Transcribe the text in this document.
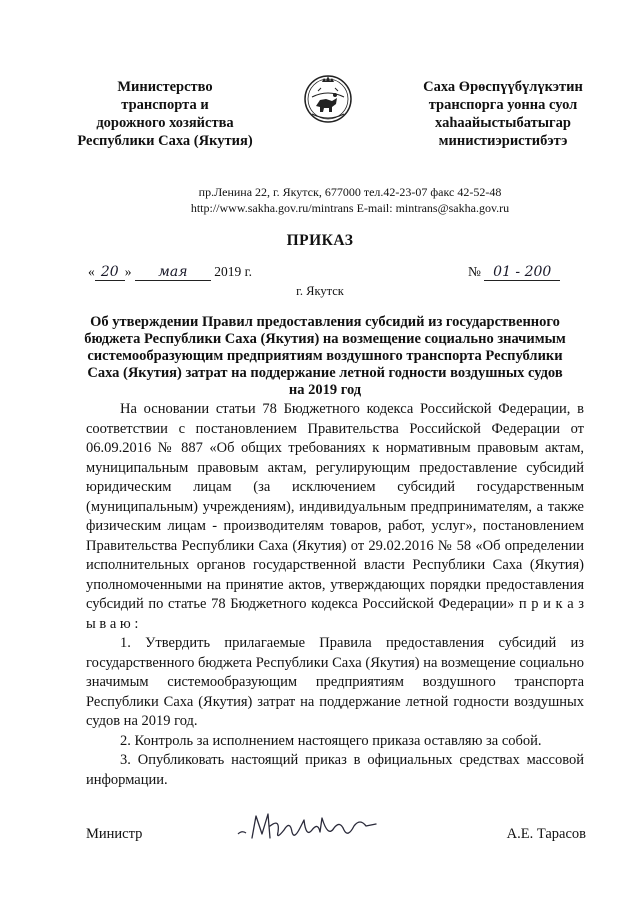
Министерство
транспорта и
дорожного хозяйства
Республики Саха (Якутия)
Саха Өрөспүүбүлүкэтин
транспорга уонна суол
хаһаайыстыбатыгар
министиэристибэтэ
пр.Ленина 22, г. Якутск, 677000 тел.42-23-07 факс 42-52-48
http://www.sakha.gov.ru/mintrans E-mail: mintrans@sakha.gov.ru
ПРИКАЗ
« 20 » мая 2019 г.	№ 01 - 200
г. Якутск
Об утверждении Правил предоставления субсидий из государственного
бюджета Республики Саха (Якутия) на возмещение социально значимым
системообразующим предприятиям воздушного транспорта Республики
Саха (Якутия) затрат на поддержание летной годности воздушных судов
на 2019 год

На основании статьи 78 Бюджетного кодекса Российской Федерации, в соответствии с постановлением Правительства Российской Федерации от 06.09.2016 № 887 «Об общих требованиях к нормативным правовым актам, муниципальным правовым актам, регулирующим предоставление субсидий юридическим лицам (за исключением субсидий государственным (муниципальным) учреждениям), индивидуальным предпринимателям, а также физическим лицам - производителям товаров, работ, услуг», постановлением Правительства Республики Саха (Якутия) от 29.02.2016 № 58 «Об определении исполнительных органов государственной власти Республики Саха (Якутия) уполномоченными на принятие актов, утверждающих порядки предоставления субсидий по статье 78 Бюджетного кодекса Российской Федерации» п р и к а з ы в а ю :

1. Утвердить прилагаемые Правила предоставления субсидий из государственного бюджета Республики Саха (Якутия) на возмещение социально значимым системообразующим предприятиям воздушного транспорта Республики Саха (Якутия) затрат на поддержание летной годности воздушных судов на 2019 год.

2. Контроль за исполнением настоящего приказа оставляю за собой.

3. Опубликовать настоящий приказ в официальных средствах массовой информации.

Министр	А.Е. Тарасов
